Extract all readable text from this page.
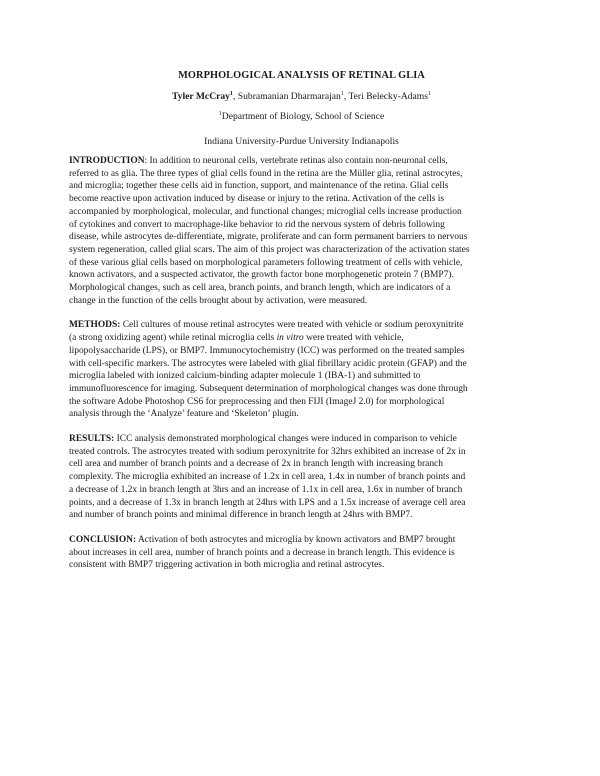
MORPHOLOGICAL ANALYSIS OF RETINAL GLIA
Tyler McCray$^1$, Subramanian Dharmarajan$^1$, Teri Belecky-Adams$^1$
$^1$Department of Biology, School of Science
Indiana University-Purdue University Indianapolis
INTRODUCTION: In addition to neuronal cells, vertebrate retinas also contain non-neuronal cells,
referred to as glia. The three types of glial cells found in the retina are the Müller glia, retinal astrocytes,
and microglia; together these cells aid in function, support, and maintenance of the retina. Glial cells
become reactive upon activation induced by disease or injury to the retina. Activation of the cells is
accompanied by morphological, molecular, and functional changes; microglial cells increase production
of cytokines and convert to macrophage-like behavior to rid the nervous system of debris following
disease, while astrocytes de-differentiate, migrate, proliferate and can form permanent barriers to nervous
system regeneration, called glial scars. The aim of this project was characterization of the activation states
of these various glial cells based on morphological parameters following treatment of cells with vehicle,
known activators, and a suspected activator, the growth factor bone morphogenetic protein 7 (BMP7).
Morphological changes, such as cell area, branch points, and branch length, which are indicators of a
change in the function of the cells brought about by activation, were measured.
METHODS: Cell cultures of mouse retinal astrocytes were treated with vehicle or sodium peroxynitrite
(a strong oxidizing agent) while retinal microglia cells in vitro were treated with vehicle,
lipopolysaccharide (LPS), or BMP7. Immunocytochemistry (ICC) was performed on the treated samples
with cell-specific markers. The astrocytes were labeled with glial fibrillary acidic protein (GFAP) and the
microglia labeled with ionized calcium-binding adapter molecule 1 (IBA-1) and submitted to
immunofluorescence for imaging. Subsequent determination of morphological changes was done through
the software Adobe Photoshop CS6 for preprocessing and then FIJI (ImageJ 2.0) for morphological
analysis through the ‘Analyze’ feature and ‘Skeleton’ plugin.
RESULTS: ICC analysis demonstrated morphological changes were induced in comparison to vehicle
treated controls. The astrocytes treated with sodium peroxynitrite for 32hrs exhibited an increase of 2x in
cell area and number of branch points and a decrease of 2x in branch length with increasing branch
complexity. The microglia exhibited an increase of 1.2x in cell area, 1.4x in number of branch points and
a decrease of 1.2x in branch length at 3hrs and an increase of 1.1x in cell area, 1.6x in number of branch
points, and a decrease of 1.3x in branch length at 24hrs with LPS and a 1.5x increase of average cell area
and number of branch points and minimal difference in branch length at 24hrs with BMP7.
CONCLUSION: Activation of both astrocytes and microglia by known activators and BMP7 brought
about increases in cell area, number of branch points and a decrease in branch length. This evidence is
consistent with BMP7 triggering activation in both microglia and retinal astrocytes.
